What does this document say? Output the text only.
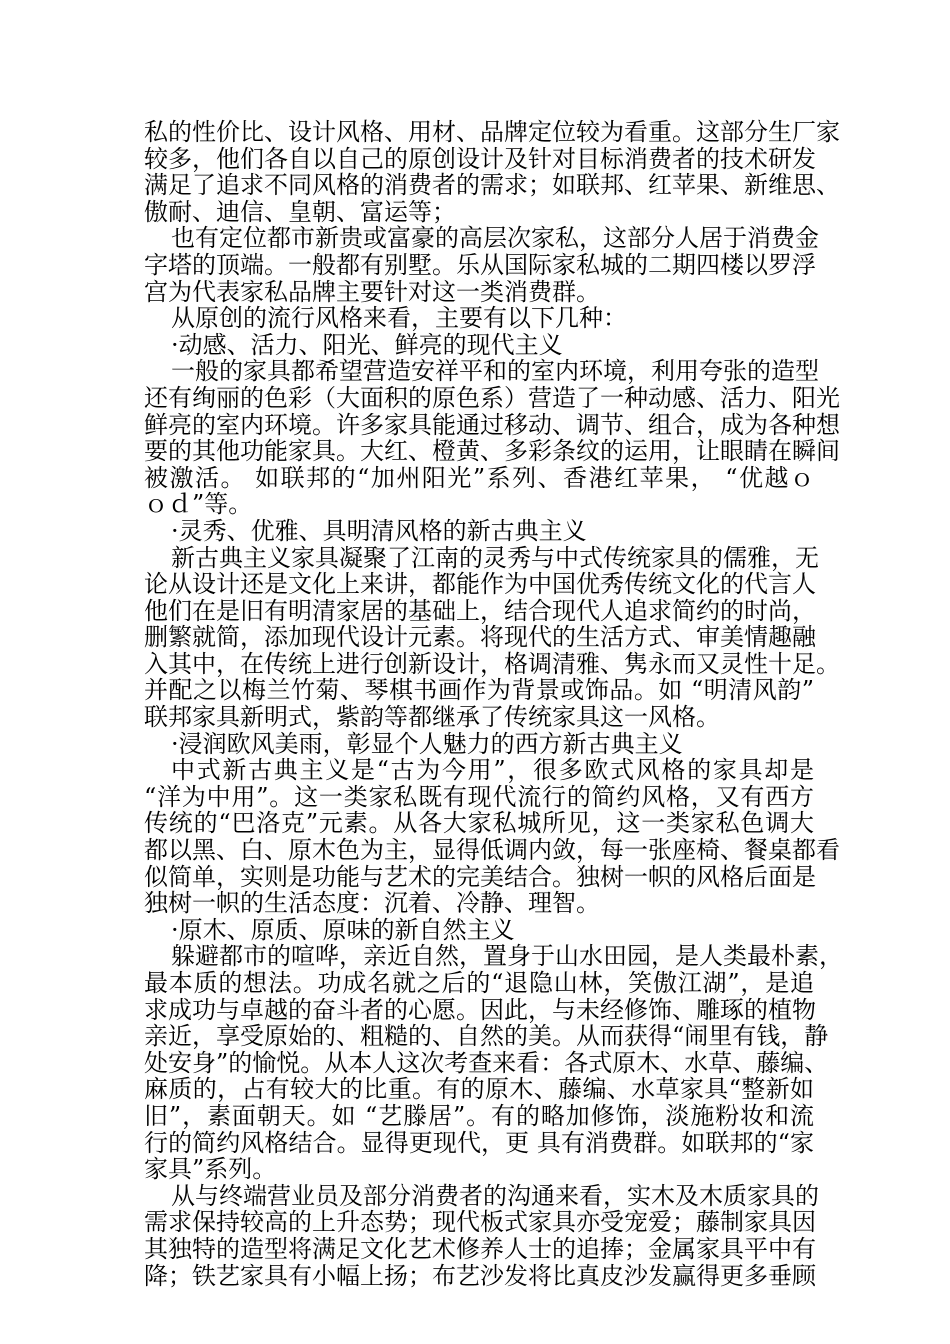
私的性价比、设计风格、用材、品牌定位较为看重。这部分生厂家
较多，他们各自以自己的原创设计及针对目标消费者的技术研发
满足了追求不同风格的消费者的需求；如联邦、红苹果、新维思、
傲耐、迪信、皇朝、富运等；
也有定位都市新贵或富豪的高层次家私，这部分人居于消费金
字塔的顶端。一般都有别墅。乐从国际家私城的二期四楼以罗浮
宫为代表家私品牌主要针对这一类消费群。
从原创的流行风格来看，主要有以下几种：
·动感、活力、阳光、鲜亮的现代主义
一般的家具都希望营造安祥平和的室内环境，利用夸张的造型
还有绚丽的色彩（大面积的原色系）营造了一种动感、活力、阳光
鲜亮的室内环境。许多家具能通过移动、调节、组合，成为各种想
要的其他功能家具。大红、橙黄、多彩条纹的运用，让眼睛在瞬间
被激活。 如联邦的“加州阳光”系列、香港红苹果， “优越ｏ
ｏｄ”等。
·灵秀、优雅、具明清风格的新古典主义
新古典主义家具凝聚了江南的灵秀与中式传统家具的儒雅，无
论从设计还是文化上来讲，都能作为中国优秀传统文化的代言人
他们在是旧有明清家居的基础上，结合现代人追求简约的时尚，
删繁就简，添加现代设计元素。将现代的生活方式、审美情趣融
入其中，在传统上进行创新设计，格调清雅、隽永而又灵性十足。
并配之以梅兰竹菊、琴棋书画作为背景或饰品。如 “明清风韵”
联邦家具新明式，紫韵等都继承了传统家具这一风格。
·浸润欧风美雨，彰显个人魅力的西方新古典主义
中式新古典主义是“古为今用”，很多欧式风格的家具却是
“洋为中用”。这一类家私既有现代流行的简约风格，又有西方
传统的“巴洛克”元素。从各大家私城所见，这一类家私色调大
都以黑、白、原木色为主，显得低调内敛，每一张座椅、餐桌都看
似简单，实则是功能与艺术的完美结合。独树一帜的风格后面是
独树一帜的生活态度：沉着、冷静、理智。
·原木、原质、原味的新自然主义
躲避都市的喧哗，亲近自然，置身于山水田园，是人类最朴素，
最本质的想法。功成名就之后的“退隐山林，笑傲江湖”，是追
求成功与卓越的奋斗者的心愿。因此，与未经修饰、雕琢的植物
亲近，享受原始的、粗糙的、自然的美。从而获得“闹里有钱，静
处安身”的愉悦。从本人这次考查来看：各式原木、水草、藤编、
麻质的，占有较大的比重。有的原木、藤编、水草家具“整新如
旧”，素面朝天。如 “艺滕居”。有的略加修饰，淡施粉妆和流
行的简约风格结合。显得更现代，更 具有消费群。如联邦的“家
家具”系列。
从与终端营业员及部分消费者的沟通来看，实木及木质家具的
需求保持较高的上升态势；现代板式家具亦受宠爱；藤制家具因
其独特的造型将满足文化艺术修养人士的追捧；金属家具平中有
降；铁艺家具有小幅上扬；布艺沙发将比真皮沙发赢得更多垂顾
